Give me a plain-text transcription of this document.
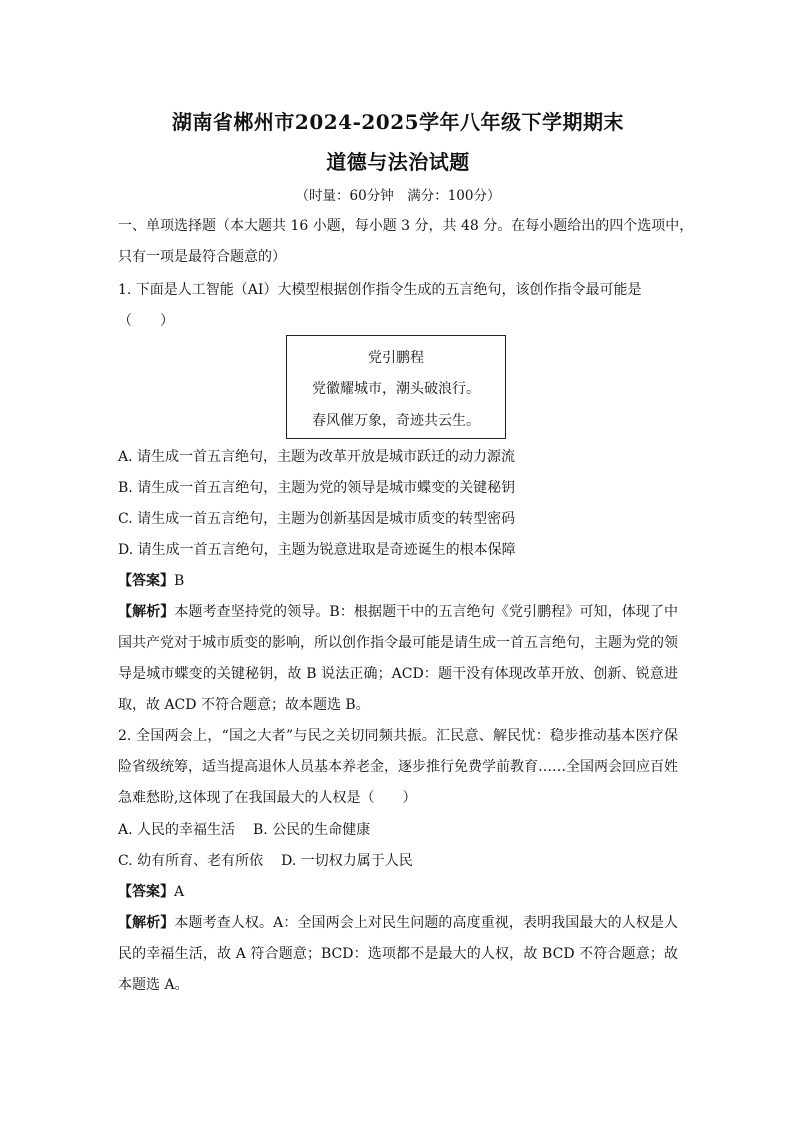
湖南省郴州市2024-2025学年八年级下学期期末
道德与法治试题
（时量：60分钟　满分：100分）
一、单项选择题（本大题共 16 小题，每小题 3 分，共 48 分。在每小题给出的四个选项中，
只有一项是最符合题意的）
1. 下面是人工智能（AI）大模型根据创作指令生成的五言绝句，该创作指令最可能是
（　　）
党引鹏程
党徽耀城市，潮头破浪行。
春风催万象，奇迹共云生。
A. 请生成一首五言绝句，主题为改革开放是城市跃迁的动力源流
B. 请生成一首五言绝句，主题为党的领导是城市蝶变的关键秘钥
C. 请生成一首五言绝句，主题为创新基因是城市质变的转型密码
D. 请生成一首五言绝句，主题为锐意进取是奇迹诞生的根本保障
【答案】B
【解析】本题考查坚持党的领导。B：根据题干中的五言绝句《党引鹏程》可知，体现了中国共产党对于城市质变的影响，所以创作指令最可能是请生成一首五言绝句，主题为党的领导是城市蝶变的关键秘钥，故 B 说法正确；ACD：题干没有体现改革开放、创新、锐意进取，故 ACD 不符合题意；故本题选 B。
2. 全国两会上，“国之大者”与民之关切同频共振。汇民意、解民忧：稳步推动基本医疗保险省级统筹，适当提高退休人员基本养老金，逐步推行免费学前教育……全国两会回应百姓急难愁盼,这体现了在我国最大的人权是（　　）
A. 人民的幸福生活 B. 公民的生命健康
C. 幼有所育、老有所依 D. 一切权力属于人民
【答案】A
【解析】本题考查人权。A：全国两会上对民生问题的高度重视，表明我国最大的人权是人民的幸福生活，故 A 符合题意；BCD：选项都不是最大的人权，故 BCD 不符合题意；故本题选 A。
